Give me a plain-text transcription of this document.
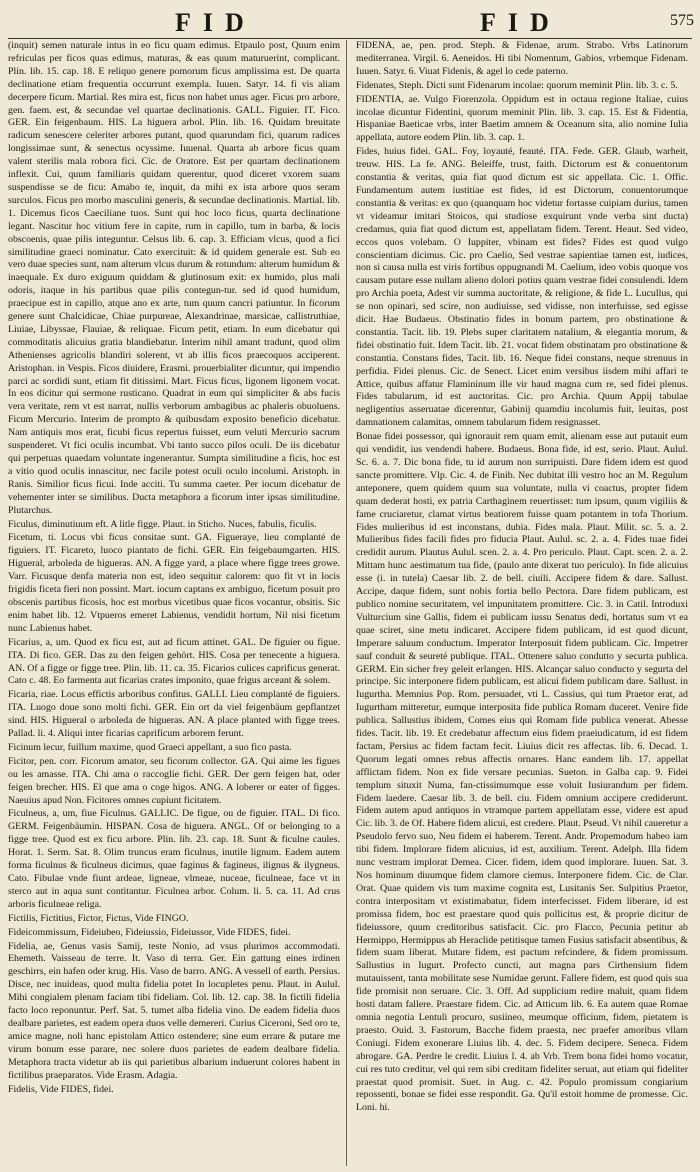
FID	FID	575

(inquit) semen naturale intus in eo ficu quam edimus. Etpaulo post, Quum enim refriculas per ficos quas edimus, maturas, & eas quum maturuerint, complicant. Plin. lib. 15. cap. 18. E reliquo genere pomorum ficus amplissima est. De quarta declinatione etiam frequentia occurrunt exempla. Iuuen. Satyr. 14. fi vis aliam decerpere ficum. Martial. Res mira est, ficus non habet unus ager. Ficus pro arbore, gen. faem. est, & secundae vel quartae declinationis. GALL. Figuier. IT. Fico. GER. Ein feigenbaum. HIS. La higuera arbol. Plin. lib. 16. Quidam breuitate radicum senescere celeriter arbores putant, quod quarundam fici, quarum radices longissimae sunt, & senectus ocyssime. Iuuenal. Quarta ab arbore ficus quam valent sterilis mala robora fici. Cic. de Oratore. Est per quartam declinationem inflexit. Cui, quum familiaris quidam querentur, quod diceret vxorem suam suspendisse se de ficu: Amabo te, inquit, da mihi ex ista arbore quos seram surculos. Ficus pro morbo masculini generis, & secundae declinationis. Martial. lib. 1. Dicemus ficos Caeciliane tuos. Sunt qui hoc loco ficus, quarta declinatione legant. Nascitur hoc vitium fere in capite, rum in capillo, tum in barba, & locis obscoenis, quae pilis integuntur. Celsus lib. 6. cap. 3. Efficiam vlcus, quod a fici similitudine graeci nominatur. Cato exercituit: & id quidem generale est. Sub eo vero duae species sunt, nam alterum vlcus durum & rotundum: alterum humidum & inaequale. Ex duro exiguum quiddam & glutinosum exit: ex humido, plus mali odoris, itaque in his partibus quae pilis contegun-tur. sed id quod humidum, praecipue est in capillo, atque ano ex arte, tum quum cancri patiuntur. In ficorum genere sunt Chalcidicae, Chiae purpureae, Alexandrinae, marsicae, callistruthiae, Liuiae, Libyssae, Flauiae, & reliquae. Ficum petit, etiam. In eum dicebatur qui commoditatis alicuius gratia blandiebatur. Interim nihil amant tradunt, quod olim Athenienses agricolis blandiri solerent, vt ab illis ficos praecoquos acciperent. Aristophan. in Vespis. Ficos diuidere, Erasmi. prouerbialiter dicuntur, qui impendio parci ac sordidi sunt, etiam fit ditissimi. Mart. Ficus ficus, ligonem ligonem vocat. In eos dicitur qui sermone rusticano. Quadrat in eum qui simpliciter & abs fucis vera veritate, rem vt est narrat, nullis verborum ambagibus ac phaleris obuoluens. Ficum Mercurio. Interim de prompto & quibusdam exposito beneficio dicebatur. Nam antiquis mos erat, ficubi ficus repertus fuisset, eum veluti Mercurio sacrum suspenderet. Vt fici oculis incumbat. Vbi tanto succo pilos oculi. De iis dicebatur qui perpetuas quaedam voluntate ingenerantur. Sumpta similitudine a ficis, hoc est a vitio quod oculis innascitur, nec facile potest oculi oculo incolumi. Aristoph. in Ranis. Similior ficus ficui. Inde acciti. Tu summa caeter. Per iocum dicebatur de vehementer inter se similibus. Ducta metaphora a ficorum inter ipsas similitudine. Plutarchus.

Ficulus, diminutiuum eft. A litle figge. Plaut. in Sticho. Nuces, fabulis, ficulis.

Ficetum, ti. Locus vbi ficus consitae sunt. GA. Figueraye, lieu complanté de figuiers. IT. Ficareto, luoco piantato de fichi. GER. Ein feigebaumgarten. HIS. Higueral, arboleda de higueras. AN. A figge yard, a place where figge trees growe. Varr. Ficusque denfa materia non est, ideo sequitur calorem: quo fit vt in locis frigidis ficeta fieri non possint. Mart. iocum captans ex ambiguo, ficetum posuit pro obscenis partibus ficosis, hoc est morbus vicetibus quae ficos vocantur, obsitis. Sic enim habet lib. 12. Vtpueros emeret Labienus, vendidit hortum, Nil nisi ficetum nunc Labienus habet.

Ficarius, a, um. Quod ex ficu est, aut ad ficum attinet. GAL. De figuier ou figue. ITA. Di fico. GER. Das zu den feigen gehört. HIS. Cosa per tenecente a higuera. AN. Of a figge or figge tree. Plin. lib. 11. ca. 35. Ficarios culices caprificus generat. Cato c. 48. Eo farmenta aut ficarias crates imponito, quae frigus arceant & solem.

Ficaria, riae. Locus effictis arboribus confitus. GALLI. Lieu complanté de figuiers. ITA. Luogo doue sono molti fichi. GER. Ein ort da viel feigenbäum gepflantzet sind. HIS. Higueral o arboleda de higueras. AN. A place planted with figge trees. Pallad. li. 4. Aliqui inter ficarias caprificum arborem ferunt.

Ficinum lecur, fuillum maxime, quod Graeci appellant, a suo fico pasta.

Ficitor, pen. corr. Ficorum amator, seu ficorum collector. GA. Qui aime les figues ou les amasse. ITA. Chi ama o raccoglie fichi. GER. Der gern feigen hat, oder feigen brecher. HIS. El que ama o coge higos. ANG. A loberer or eater of figges. Naeuius apud Non. Ficitores omnes cupiunt ficitatem.

Ficulneus, a, um, fiue Ficulnus. GALLIC. De figue, ou de figuier. ITAL. Di fico. GERM. Feigenbäumin. HISPAN. Cosa de higuera. ANGL. Of or belonging to a figge tree. Quod est ex ficu arbore. Plin. lib. 23. cap. 18. Sunt & ficulne caules. Horat. 1. Serm. Sat. 8. Olim truncus eram ficulnus, inutile lignum. Eadem autem forma ficulnus & ficulneus dicimus, quae faginus & fagineus, ilignus & ilygneus. Cato. Fibulae vnde fiunt ardeae, ligneae, vlmeae, nuceae, ficulneae, face vt in sterco aut in aqua sunt contitantur. Ficulnea arbor. Colum. li. 5. ca. 11. Ad crus arboris ficulneae religa.

Fictilis, Fictitius, Fictor, Fictus, Vide FINGO.

Fideicommissum, Fideiubeo, Fideiussio, Fideiussor, Vide FIDES, fidei.

Fidelia, ae, Genus vasis Samij, teste Nonio, ad vsus plurimos accommodati. Ehemeth. Vaisseau de terre. It. Vaso di terra. Ger. Ein gattung eines irdinen geschirrs, ein hafen oder krug. His. Vaso de barro. ANG. A vessell of earth. Persius. Disce, nec inuideas, quod multa fidelia potet In locupletes penu. Plaut. in Aulul. Mihi congialem plenam faciam tibi fideliam. Col. lib. 12. cap. 38. In fictili fidelia facto loco reponuntur. Perf. Sat. 5. tumet alba fidelia vino. De eadem fidelia duos dealbare parietes, est eadem opera duos velle demereri. Curius Ciceroni, Sed oro te, amice magne, noli hanc epistolam Attico ostendere; sine eum errare & putare me virum bonum esse parare, nec solere duos parietes de eadem dealbare fidelia. Metaphora tracta videtur ab iis qui parietibus albarium induerunt colores habent in fictilibus praeparatos. Vide Erasm. Adagia.

Fidelis, Vide FIDES, fidei.

FIDENA, ae, pen. prod. Steph. & Fidenae, arum. Strabo. Vrbs Latinorum mediterranea. Virgil. 6. Aeneidos. Hi tibi Nomentum, Gabios, vrbemque Fidenam. Iuuen. Satyr. 6. Viuat Fidenis, & agel lo cede paterno.

Fidenates, Steph. Dicti sunt Fidenarum incolae: quorum meminit Plin. lib. 3. c. 5.

FIDENTIA, ae. Vulgo Fiorenzola. Oppidum est in octaua regione Italiae, cuius incolae dicuntur Fidentini, quorum meminit Plin. lib. 3. cap. 15. Est & Fidentia, Hispaniae Baeticae vrbs, inter Baetim amnem & Oceanum sita, alio nomine Iulia appellata, autore eodem Plin. lib. 3. cap. 1.

Fides, huius fidei. GAL. Foy, loyauté, feauté. ITA. Fede. GER. Glaub, warheit, treuw. HIS. La fe. ANG. Beleiffe, trust, faith. Dictorum est & conuentorum constantia & veritas, quia fiat quod dictum est sic appellata. Cic. 1. Offic. Fundamentum autem iustitiae est fides, id est Dictorum, conuentorumque constantia & veritas: ex quo (quanquam hoc videtur fortasse cuipiam durius, tamen vt videamur imitari Stoicos, qui studiose exquirunt vnde verba sint ducta) credamus, quia fiat quod dictum est, appellatam fidem. Terent. Heaut. Sed video, eccos quos volebam. O Iuppiter, vbinam est fides? Fides est quod vulgo conscientiam dicimus. Cic. pro Caelio, Sed vestrae sapientiae tamen est, iudices, non si causa nulla est viris fortibus oppugnandi M. Caelium, ideo vobis quoque vos causam putare esse nullam alieno dolori potius quam vestrae fidei consulendi. Idem pro Archia poeta, Adest vir summa auctoritate, & religione, & fide L. Lucullus, qui se non opinari, sed scire, non audiuisse, sed vidisse, non interfuisse, sed egisse dicit. Hae Budaeus. Obstinatio fides in bonum partem, pro obstinatione & constantia. Tacit. lib. 19. Plebs super claritatem natalium, & elegantia morum, & fidei obstinatio fuit. Idem Tacit. lib. 21. vocat fidem obstinatam pro obstinatione & constantia. Constans fides, Tacit. lib. 16. Neque fidei constans, neque strenuus in perfidia. Fidei plenus. Cic. de Senect. Licet enim versibus iisdem mihi affari te Attice, quibus affatur Flamininum ille vir haud magna cum re, sed fidei plenus. Fides tabularum, id est auctoritas. Cic. pro Archia. Quum Appij tabulae negligentius asseruatae dicerentur, Gabinij quamdiu incolumis fuit, leuitas, post damnationem calamitas, omnem tabularum fidem resignasset.

Bonae fidei possessor, qui ignorauit rem quam emit, alienam esse aut putauit eum qui vendidit, ius vendendi habere. Budaeus. Bona fide, id est, serio. Plaut. Aulul. Sc. 6. a. 7. Dic bona fide, tu id aurum non surripuisti. Dare fidem idem est quod sancte promittere. Vlp. Cic. 4. de Finib. Nec dubitat illi vestro hoc an M. Regulum anteponere, quem quidem quum sua voluntate, nulla vi coactus, propter fidem quam dederat hosti, ex patria Carthaginem reuertisset: tum ipsum, quum vigiliis & fame cruciaretur, clamat virtus beatiorem fuisse quam potantem in tofa Thorium. Fides mulieribus id est inconstans, dubia. Fides mala. Plaut. Milit. sc. 5. a. 2. Mulieribus fides facili fides pro fiducia Plaut. Aulul. sc. 2. a. 4. Fides tuae fidei credidit aurum. Plautus Aulul. scen. 2. a. 4. Pro periculo. Plaut. Capt. scen. 2. a. 2. Mittam hunc aestimatum tua fide, (paulo ante dixerat tuo periculo). In fide alicuius esse (i. in tutela) Caesar lib. 2. de bell. ciuili. Accipere fidem & dare. Sallust. Accipe, daque fidem, sunt nobis fortia bello Pectora. Dare fidem publicam, est publico nomine securitatem, vel impunitatem promittere. Cic. 3. in Catil. Introduxi Vulturcium sine Gallis, fidem ei publicam iussu Senatus dedi, hortatus sum vt ea quae sciret, sine metu indicaret. Accipere fidem publicam, id est quod dicunt, Imperare saluum conductum. Imperator Interposuit fidem publicam. Cic. Impetrer sauf conduit & seureté publique. ITAL. Ottenere saluo condutto y securta publica. GERM. Ein sicher frey geleit erlangen. HIS. Alcançar saluo conducto y segurta del principe. Sic interponere fidem publicam, est alicui fidem publicam dare. Sallust. in Iugurtha. Memnius Pop. Rom. persuadet, vti L. Cassius, qui tum Praetor erat, ad Iugurtham mitteretur, eumque interposita fide publica Romam duceret. Venire fide publica. Sallustius ibidem, Comes eius qui Romam fide publica venerat. Abesse fides. Tacit. lib. 19. Et credebatur affectum eius fidem praeiudicatum, id est fidem factam, Persius ac fidem factam fecit. Liuius dicit res affectas. lib. 6. Decad. 1. Quorum legati omnes rebus affectis ornares. Hanc eandem lib. 17. appellat afflictam fidem. Non ex fide versare pecunias. Sueton. in Galba cap. 9. Fidei templum situxit Numa, fan-ctissimumque esse voluit Iusiurandum per fidem. Fidem laedere. Caesar lib. 3. de bell. ciu. Fidem omnium accipere crediderunt. Fidem autem apud antiquos in vtramque partem appellatam esse, videre est apud Cic. lib. 3. de Of. Habere fidem alicui, est credere. Plaut. Pseud. Vt nihil caueretur a Pseudolo fervo suo, Neu fidem ei haberem. Terent. Andr. Propemodum habeo iam tibi fidem. Implorare fidem alicuius, id est, auxilium. Terent. Adelph. Illa fidem nunc vestram implorat Demea. Cicer. fidem, idem quod implorare. Iuuen. Sat. 3. Nos hominum diuumque fidem clamore ciemus. Interponere fidem. Cic. de Clar. Orat. Quae quidem vis tum maxime cognita est, Lusitanis Ser. Sulpitius Praetor, contra interpositam vt existimabatur, fidem interfecisset. Fidem liberare, id est promissa fidem, hoc est praestare quod quis pollicitus est, & proprie dicitur de fideiussore, quum creditoribus satisfacit. Cic. pro Flacco, Pecunia petitur ab Hermippo, Hermippus ab Heraclide petitisque tamen Fusius satisfacit absentibus, & fidem suam liberat. Mutare fidem, est pactum refcindere, & fidem promissum. Sallustius in Iugurt. Profecto cuncti, aut magna pars Cirthensium fidem mutauissent, tanta mobilitate sese Numidae gerunt. Fallere fidem, est quod quis sua fide promisit non seruare. Cic. 3. Off. Ad supplicium redire maluit, quam fidem hosti datam fallere. Praestare fidem. Cic. ad Atticum lib. 6. Ea autem quae Romae omnia negotia Lentuli procuro, susiineo, meumque officium, fidem, pietatem is praesto. Ouid. 3. Fastorum, Bacche fidem praesta, nec praefer amoribus vllam Coniugi. Fidem exonerare Liuius lib. 4. dec. 5. Fidem decipere. Seneca. Fidem abrogare. GA. Perdre le credit. Liuius l. 4. ab Vrb. Trem bona fidei homo vocatur, cui res tuto creditur, vel qui rem sibi creditam fideliter seruat, aut etiam qui fideliter praestat quod promisit. Suet. in Aug. c. 42. Populo promissum congiarium repossenti, bonae se fidei esse respondit. Ga. Qu'il estoit homme de promesse. Cic. Loni. hi.
